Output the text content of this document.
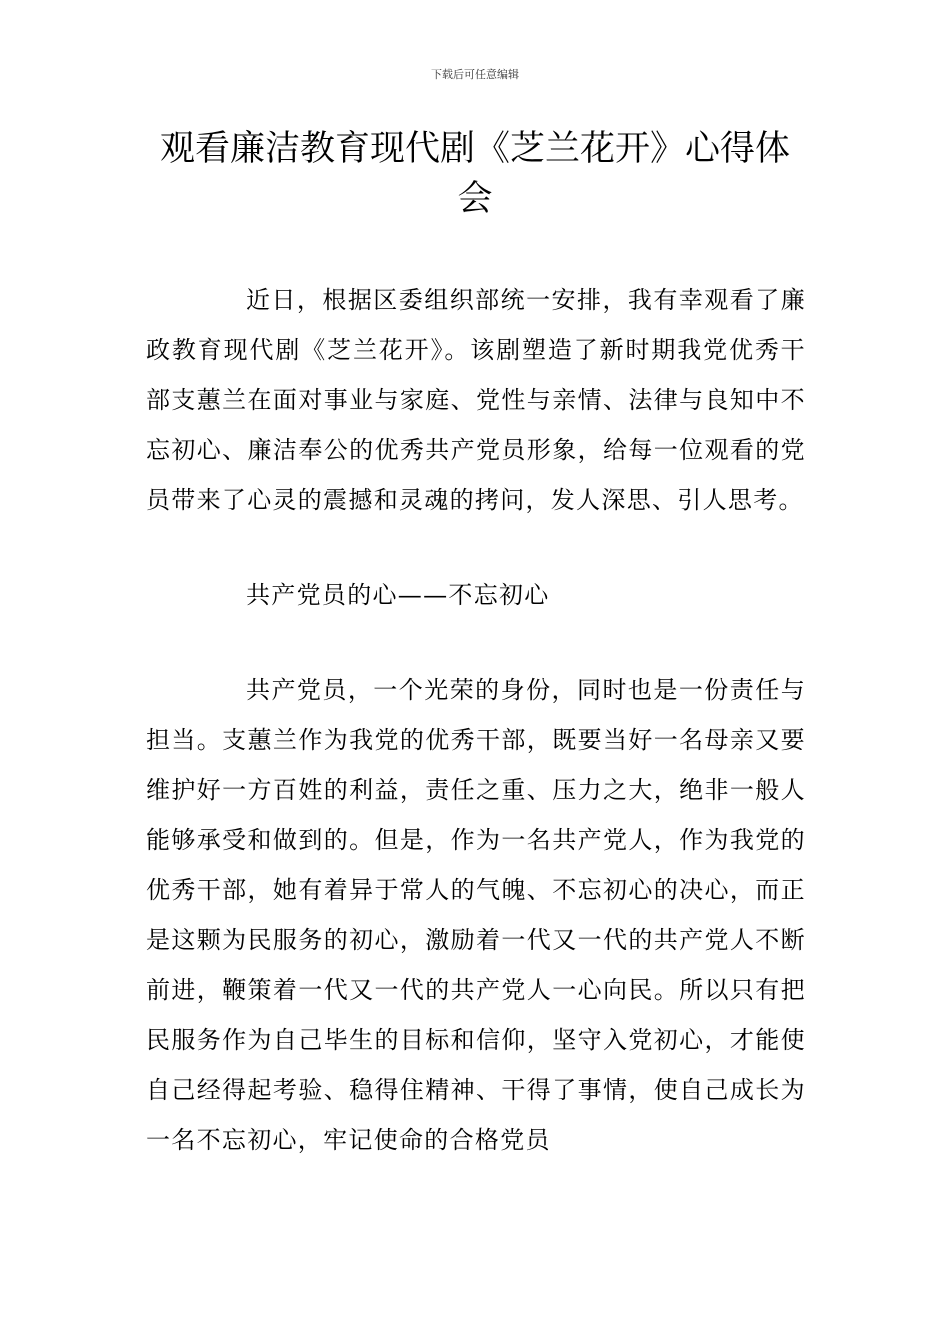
下载后可任意编辑
观看廉洁教育现代剧《芝兰花开》心得体会

近日，根据区委组织部统一安排，我有幸观看了廉政教育现代剧《芝兰花开》。该剧塑造了新时期我党优秀干部支蕙兰在面对事业与家庭、党性与亲情、法律与良知中不忘初心、廉洁奉公的优秀共产党员形象，给每一位观看的党员带来了心灵的震撼和灵魂的拷问，发人深思、引人思考。

共产党员的心——不忘初心

共产党员，一个光荣的身份，同时也是一份责任与担当。支蕙兰作为我党的优秀干部，既要当好一名母亲又要维护好一方百姓的利益，责任之重、压力之大，绝非一般人能够承受和做到的。但是，作为一名共产党人，作为我党的优秀干部，她有着异于常人的气魄、不忘初心的决心，而正是这颗为民服务的初心，激励着一代又一代的共产党人不断前进，鞭策着一代又一代的共产党人一心向民。所以只有把民服务作为自己毕生的目标和信仰，坚守入党初心，才能使自己经得起考验、稳得住精神、干得了事情，使自己成长为一名不忘初心，牢记使命的合格党员
